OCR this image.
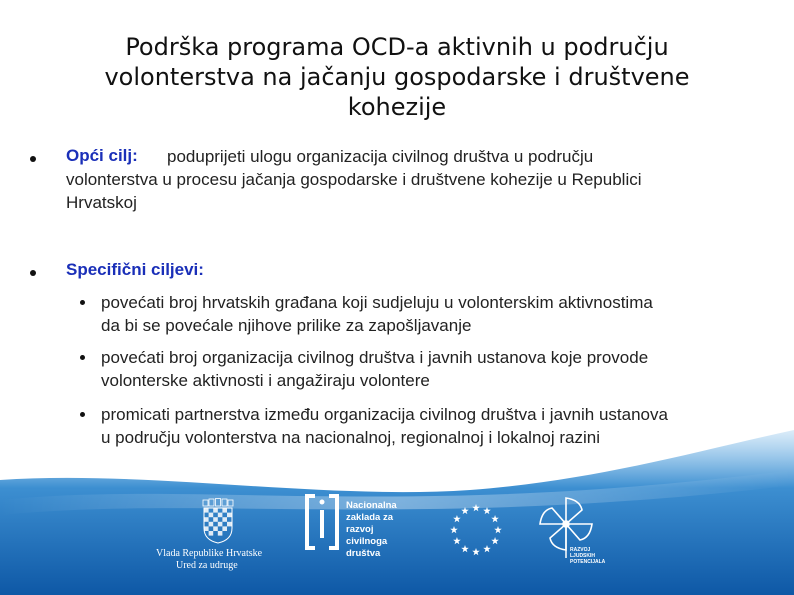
Podrška programa OCD-a aktivnih u području
volonterstva na jačanju gospodarske i društvene
kohezije
Opći cilj: poduprijeti ulogu organizacija civilnog društva u području
volonterstva u procesu jačanja gospodarske i društvene kohezije u Republici
Hrvatskoj
Specifični ciljevi:
povećati broj hrvatskih građana koji sudjeluju u volonterskim aktivnostima
da bi se povećale njihove prilike za zapošljavanje
povećati broj organizacija civilnog društva i javnih ustanova koje provode
volonterske aktivnosti i angažiraju volontere
promicati partnerstva između organizacija civilnog društva i javnih ustanova
u području volonterstva na nacionalnoj, regionalnoj i lokalnoj razini
Vlada Republike Hrvatske
Ured za udruge
Nacionalna
zaklada za
razvoj
civilnoga
društva	RAZVOJ
LJUDSKIH
POTENCIJALA
